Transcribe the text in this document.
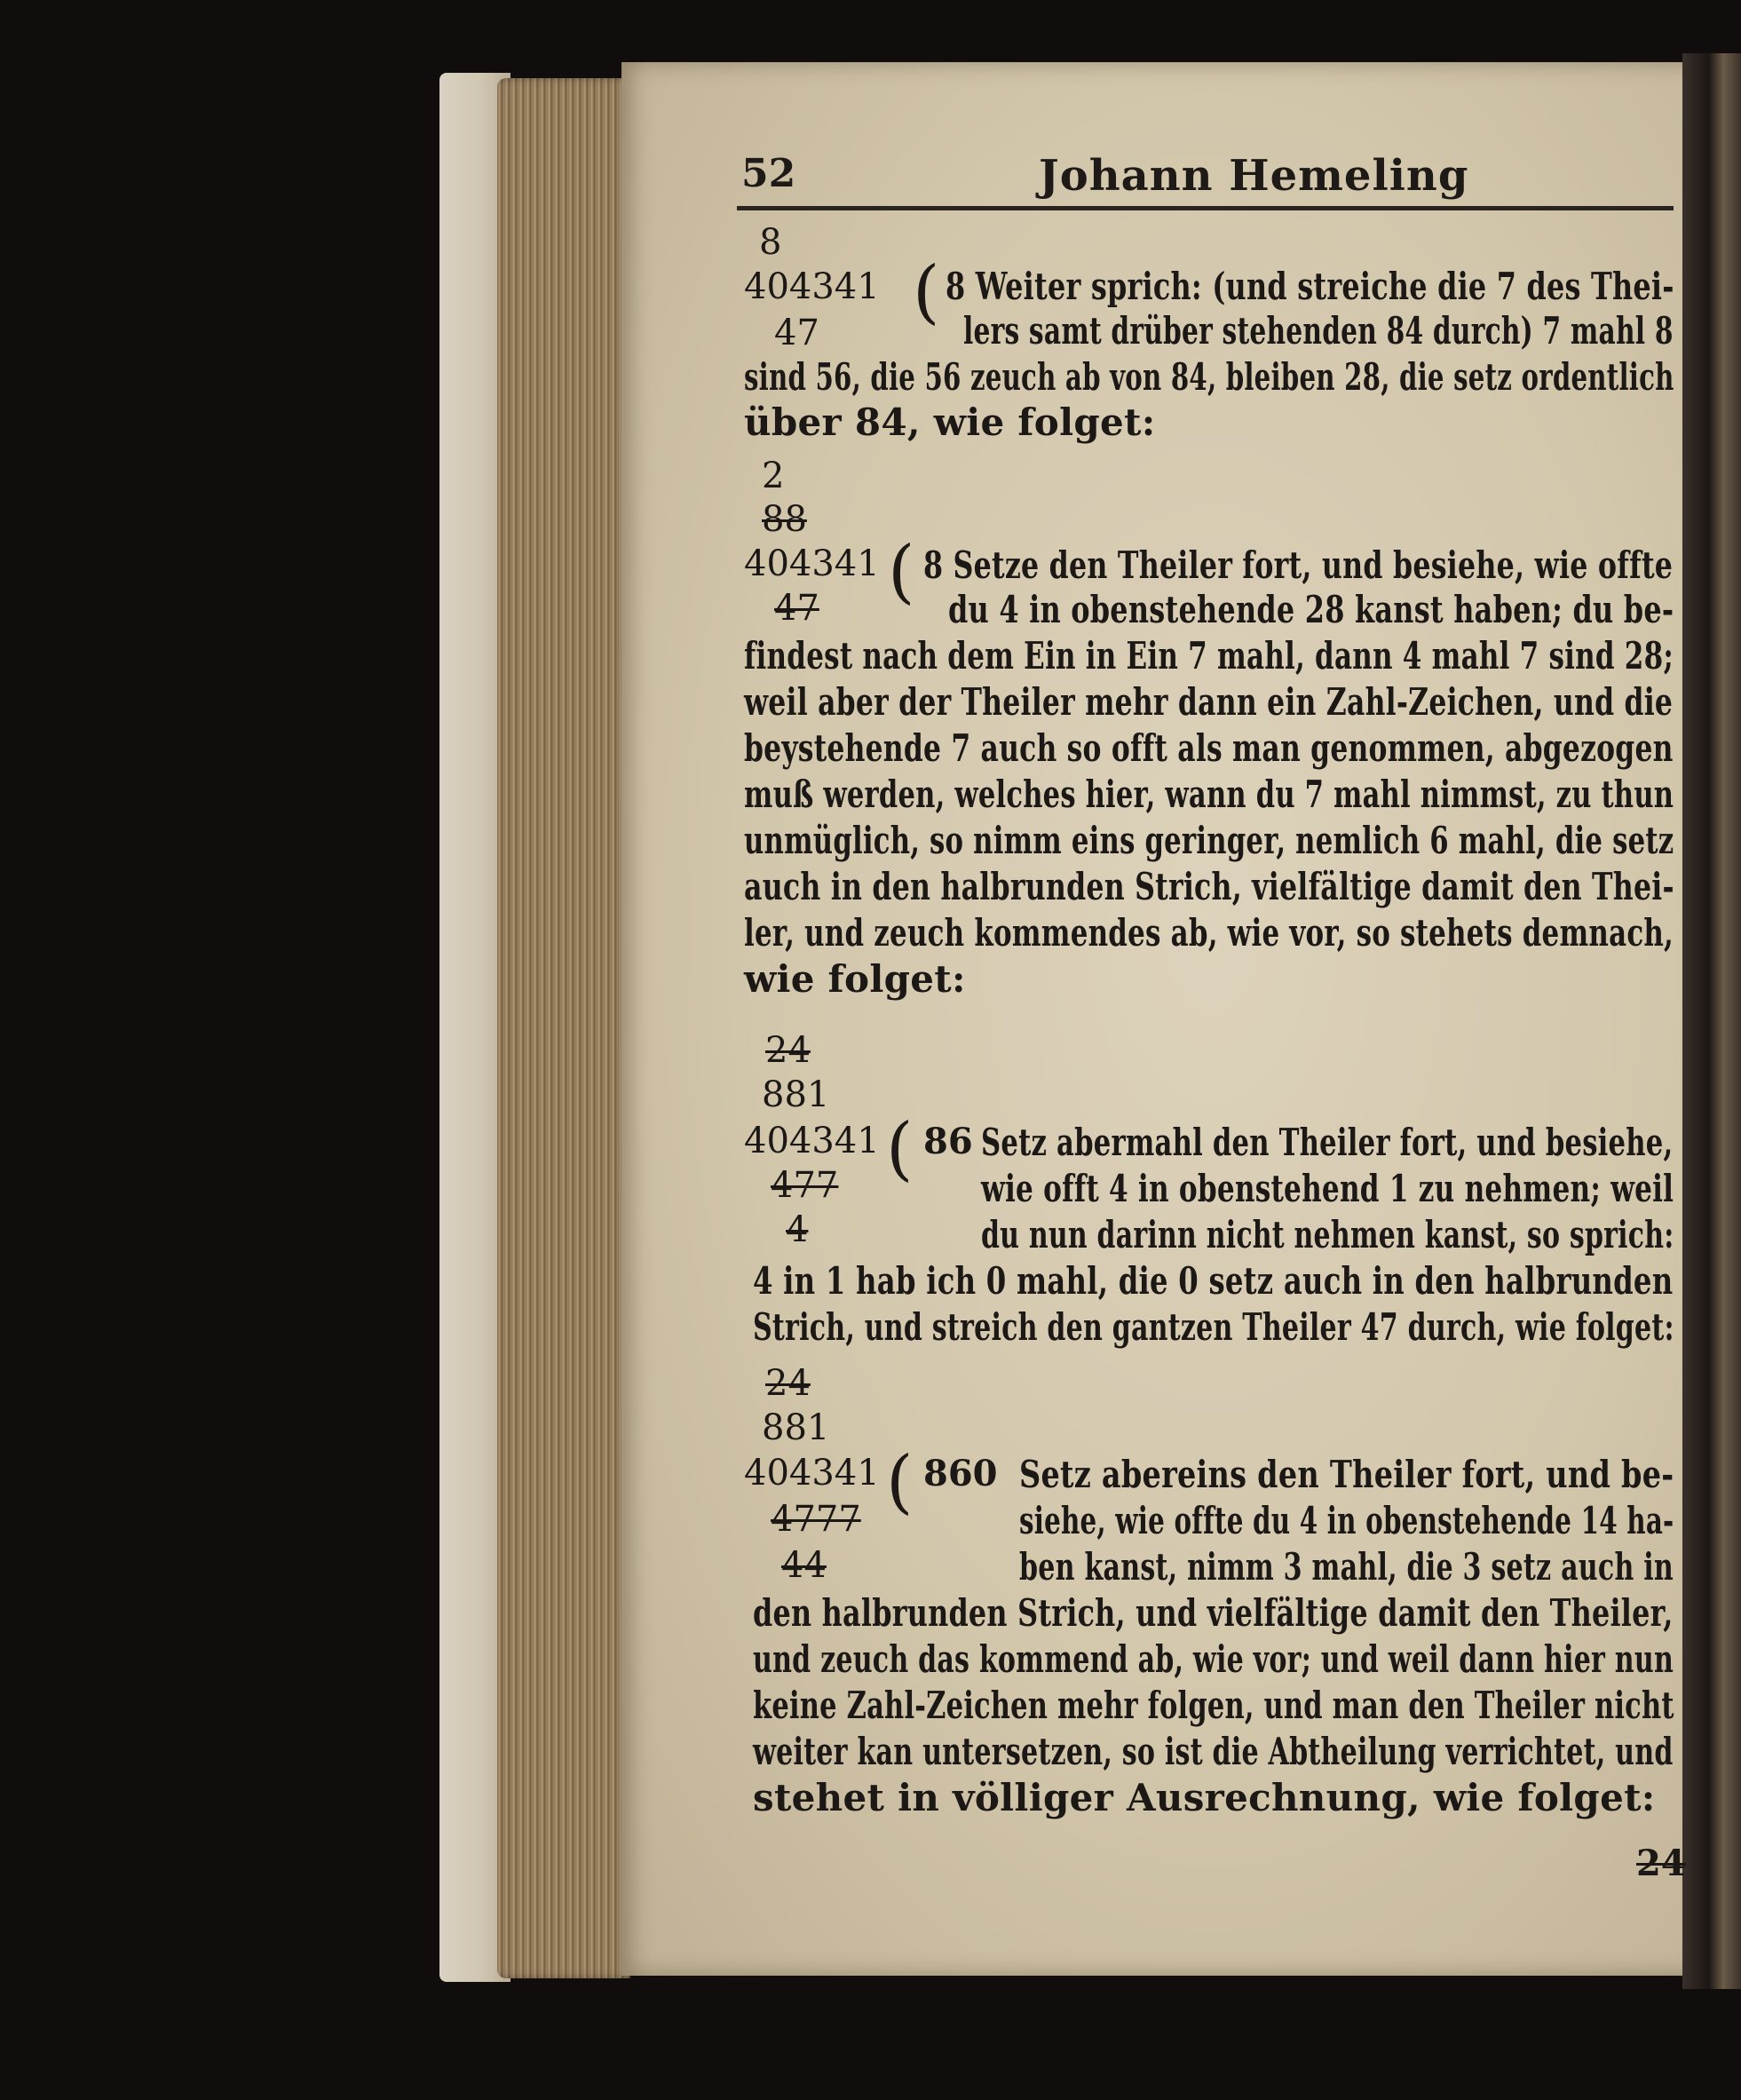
52	Johann Hemeling
8
404341
47
( 8 Weiter sprich: (und streiche die 7 des Thei-
lers samt drüber stehenden 84 durch) 7 mahl 8
sind 56, die 56 zeuch ab von 84, bleiben 28, die setz ordentlich
über 84, wie folget:
2
88
404341
47 ( 8 Setze den Theiler fort, und besiehe, wie offte
du 4 in obenstehende 28 kanst haben; du be-
findest nach dem Ein in Ein 7 mahl, dann 4 mahl 7 sind 28;
weil aber der Theiler mehr dann ein Zahl-Zeichen, und die
beystehende 7 auch so offt als man genommen, abgezogen
muß werden, welches hier, wann du 7 mahl nimmst, zu thun
unmüglich, so nimm eins geringer, nemlich 6 mahl, die setz
auch in den halbrunden Strich, vielfältige damit den Thei-
ler, und zeuch kommendes ab, wie vor, so stehets demnach,
wie folget:
24
881
404341
477
4
( 86 Setz abermahl den Theiler fort, und besiehe,
wie offt 4 in obenstehend 1 zu nehmen; weil
du nun darinn nicht nehmen kanst, so sprich:
4 in 1 hab ich 0 mahl, die 0 setz auch in den halbrunden
Strich, und streich den gantzen Theiler 47 durch, wie folget:
24
881
404341
4777
44
( 860 Setz abereins den Theiler fort, und be-
siehe, wie offte du 4 in obenstehende 14 ha-
ben kanst, nimm 3 mahl, die 3 setz auch in
den halbrunden Strich, und vielfältige damit den Theiler,
und zeuch das kommend ab, wie vor; und weil dann hier nun
keine Zahl-Zeichen mehr folgen, und man den Theiler nicht
weiter kan untersetzen, so ist die Abtheilung verrichtet, und
stehet in völliger Ausrechnung, wie folget:
24
